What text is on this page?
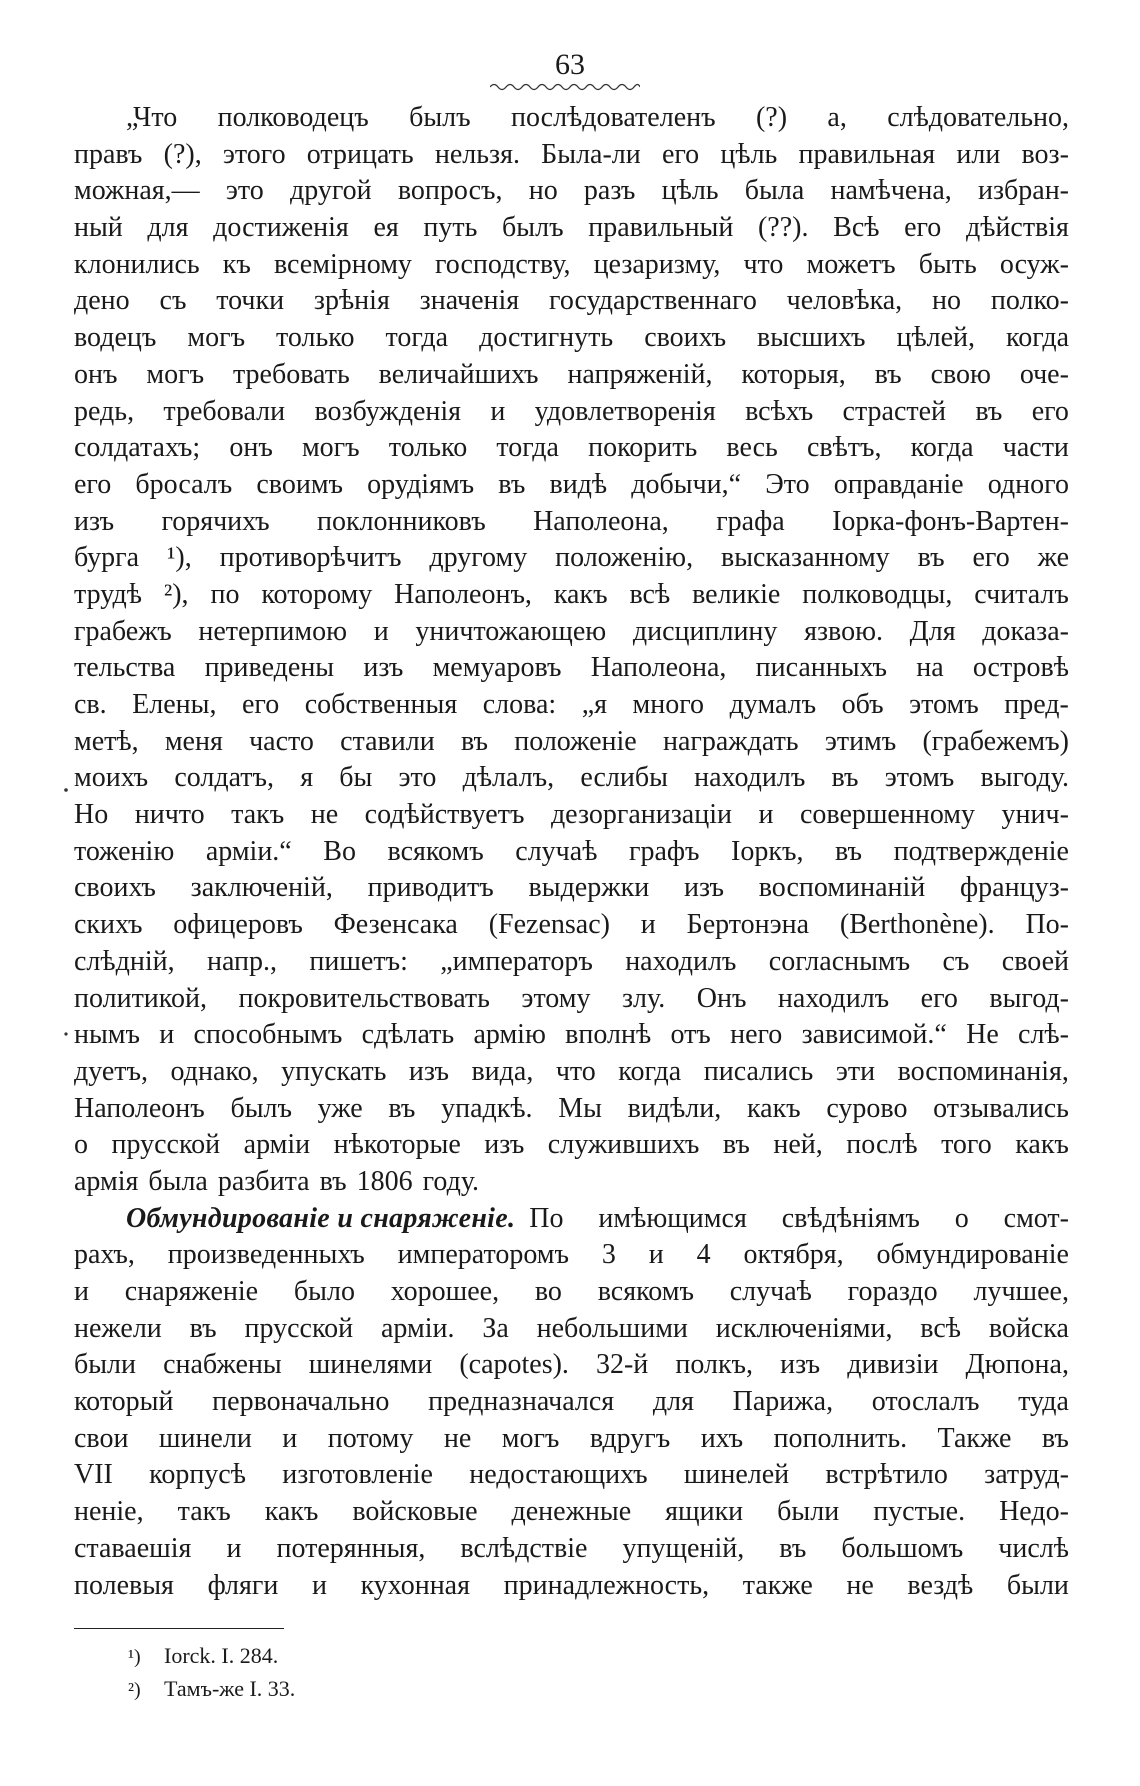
63
„Что полководецъ былъ послѣдователенъ (?) а, слѣдовательно,
правъ (?), этого отрицать нельзя. Была-ли его цѣль правильная или воз-
можная,— это другой вопросъ, но разъ цѣль была намѣчена, избран-
ный для достиженія ея путь былъ правильный (??). Всѣ его дѣйствія
клонились къ всемірному господству, цезаризму, что можетъ быть осуж-
дено съ точки зрѣнія значенія государственнаго человѣка, но полко-
водецъ могъ только тогда достигнуть своихъ высшихъ цѣлей, когда
онъ могъ требовать величайшихъ напряженій, которыя, въ свою оче-
редь, требовали возбужденія и удовлетворенія всѣхъ страстей въ его
солдатахъ; онъ могъ только тогда покорить весь свѣтъ, когда части
его бросалъ своимъ орудіямъ въ видѣ добычи,“ Это оправданіе одного
изъ горячихъ поклонниковъ Наполеона, графа Іорка-фонъ-Вартен-
бурга ¹), противорѣчитъ другому положенію, высказанному въ его же
трудѣ ²), по которому Наполеонъ, какъ всѣ великіе полководцы, считалъ
грабежъ нетерпимою и уничтожающею дисциплину язвою. Для доказа-
тельства приведены изъ мемуаровъ Наполеона, писанныхъ на островѣ
св. Елены, его собственныя слова: „я много думалъ объ этомъ пред-
метѣ, меня часто ставили въ положеніе награждать этимъ (грабежемъ)
моихъ солдатъ, я бы это дѣлалъ, еслибы находилъ въ этомъ выгоду.
Но ничто такъ не содѣйствуетъ дезорганизаціи и совершенному унич-
тоженію арміи.“ Во всякомъ случаѣ графъ Іоркъ, въ подтвержденіе
своихъ заключеній, приводитъ выдержки изъ воспоминаній француз-
скихъ офицеровъ Фезенсака (Fezensac) и Бертонэна (Berthonène). По-
слѣдній, напр., пишетъ: „императоръ находилъ согласнымъ съ своей
политикой, покровительствовать этому злу. Онъ находилъ его выгод-
нымъ и способнымъ сдѣлать армію вполнѣ отъ него зависимой.“ Не слѣ-
дуетъ, однако, упускать изъ вида, что когда писались эти воспоминанія,
Наполеонъ былъ уже въ упадкѣ. Мы видѣли, какъ сурово отзывались
о прусской арміи нѣкоторые изъ служившихъ въ ней, послѣ того какъ
армія была разбита въ 1806 году.
Обмундированіе и снаряженіе. По имѣющимся свѣдѣніямъ о смот-
рахъ, произведенныхъ императоромъ 3 и 4 октября, обмундированіе
и снаряженіе было хорошее, во всякомъ случаѣ гораздо лучшее,
нежели въ прусской арміи. За небольшими исключеніями, всѣ войска
были снабжены шинелями (capotes). 32-й полкъ, изъ дивизіи Дюпона,
который первоначально предназначался для Парижа, отослалъ туда
свои шинели и потому не могъ вдругъ ихъ пополнить. Также въ
VII корпусѣ изготовленіе недостающихъ шинелей встрѣтило затруд-
неніе, такъ какъ войсковые денежные ящики были пустые. Недо-
ставаешія и потерянныя, вслѣдствіе упущеній, въ большомъ числѣ
полевыя фляги и кухонная принадлежность, также не вездѣ были
¹) Iorck. I. 284.
²) Тамъ-же I. 33.
